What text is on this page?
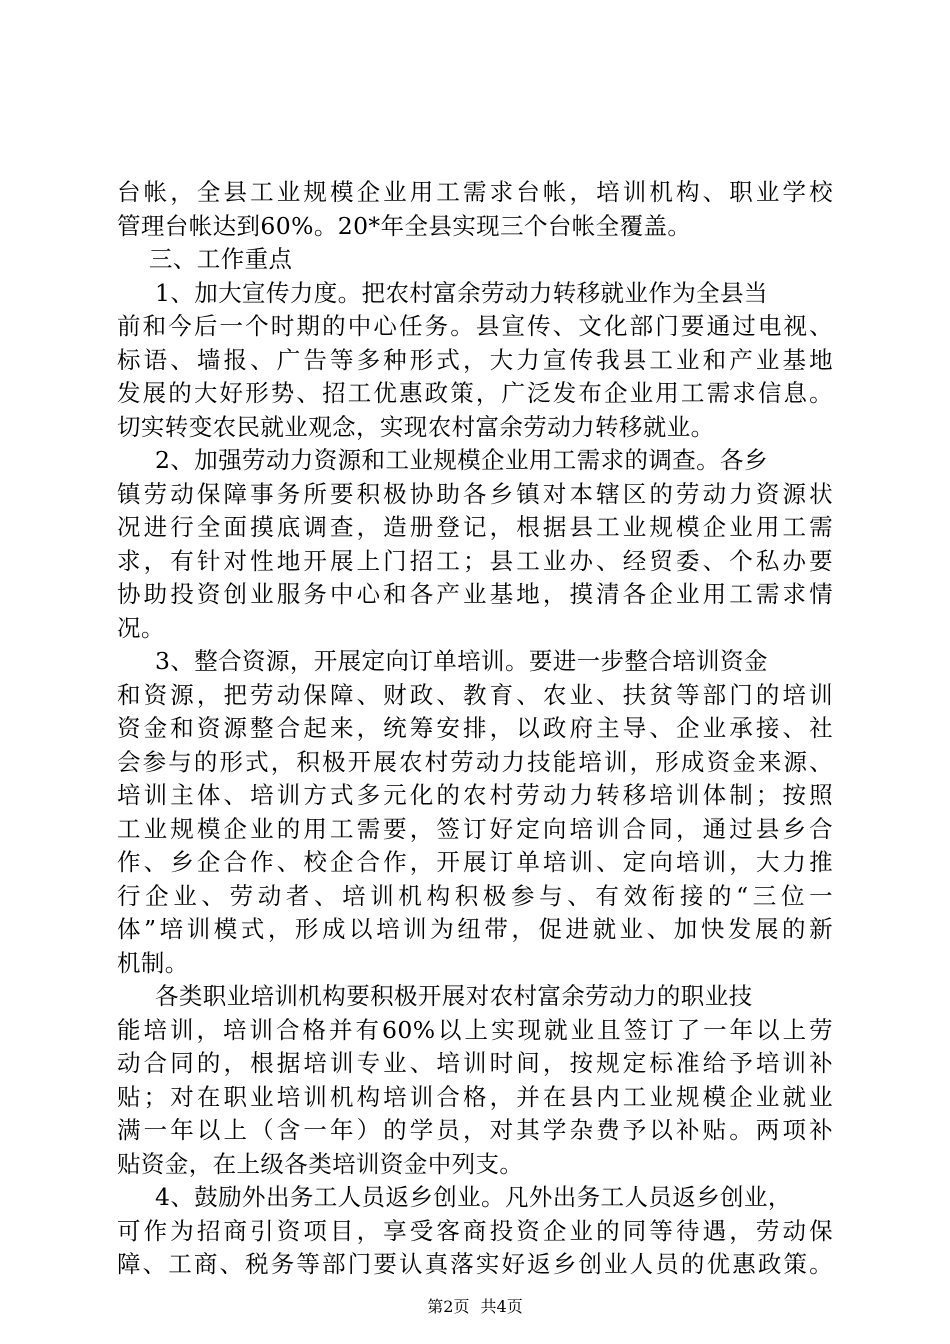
台帐，全县工业规模企业用工需求台帐，培训机构、职业学校
管理台帐达到60%。20*年全县实现三个台帐全覆盖。
三、工作重点
1、加大宣传力度。把农村富余劳动力转移就业作为全县当
前和今后一个时期的中心任务。县宣传、文化部门要通过电视、
标语、墙报、广告等多种形式，大力宣传我县工业和产业基地
发展的大好形势、招工优惠政策，广泛发布企业用工需求信息。
切实转变农民就业观念，实现农村富余劳动力转移就业。
2、加强劳动力资源和工业规模企业用工需求的调查。各乡
镇劳动保障事务所要积极协助各乡镇对本辖区的劳动力资源状
况进行全面摸底调查，造册登记，根据县工业规模企业用工需
求，有针对性地开展上门招工；县工业办、经贸委、个私办要
协助投资创业服务中心和各产业基地，摸清各企业用工需求情
况。
3、整合资源，开展定向订单培训。要进一步整合培训资金
和资源，把劳动保障、财政、教育、农业、扶贫等部门的培训
资金和资源整合起来，统筹安排，以政府主导、企业承接、社
会参与的形式，积极开展农村劳动力技能培训，形成资金来源、
培训主体、培训方式多元化的农村劳动力转移培训体制；按照
工业规模企业的用工需要，签订好定向培训合同，通过县乡合
作、乡企合作、校企合作，开展订单培训、定向培训，大力推
行企业、劳动者、培训机构积极参与、有效衔接的“三位一
体”培训模式，形成以培训为纽带，促进就业、加快发展的新
机制。
各类职业培训机构要积极开展对农村富余劳动力的职业技
能培训，培训合格并有60%以上实现就业且签订了一年以上劳
动合同的，根据培训专业、培训时间，按规定标准给予培训补
贴；对在职业培训机构培训合格，并在县内工业规模企业就业
满一年以上（含一年）的学员，对其学杂费予以补贴。两项补
贴资金，在上级各类培训资金中列支。
4、鼓励外出务工人员返乡创业。凡外出务工人员返乡创业，
可作为招商引资项目，享受客商投资企业的同等待遇，劳动保
障、工商、税务等部门要认真落实好返乡创业人员的优惠政策。
第2页 共4页
